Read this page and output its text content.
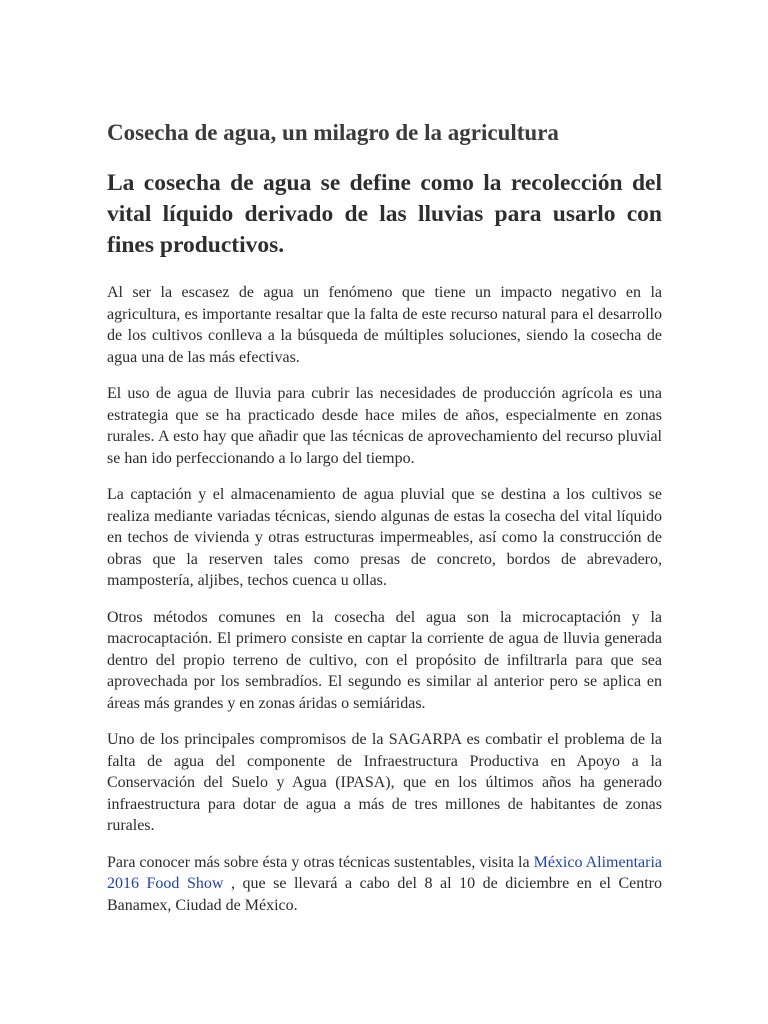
Cosecha de agua, un milagro de la agricultura
La cosecha de agua se define como la recolección del vital líquido derivado de las lluvias para usarlo con fines productivos.

Al ser la escasez de agua un fenómeno que tiene un impacto negativo en la agricultura, es importante resaltar que la falta de este recurso natural para el desarrollo de los cultivos conlleva a la búsqueda de múltiples soluciones, siendo la cosecha de agua una de las más efectivas.

El uso de agua de lluvia para cubrir las necesidades de producción agrícola es una estrategia que se ha practicado desde hace miles de años, especialmente en zonas rurales. A esto hay que añadir que las técnicas de aprovechamiento del recurso pluvial se han ido perfeccionando a lo largo del tiempo.

La captación y el almacenamiento de agua pluvial que se destina a los cultivos se realiza mediante variadas técnicas, siendo algunas de estas la cosecha del vital líquido en techos de vivienda y otras estructuras impermeables, así como la construcción de obras que la reserven tales como presas de concreto, bordos de abrevadero, mampostería, aljibes, techos cuenca u ollas.

Otros métodos comunes en la cosecha del agua son la microcaptación y la macrocaptación. El primero consiste en captar la corriente de agua de lluvia generada dentro del propio terreno de cultivo, con el propósito de infiltrarla para que sea aprovechada por los sembradíos. El segundo es similar al anterior pero se aplica en áreas más grandes y en zonas áridas o semiáridas.

Uno de los principales compromisos de la SAGARPA es combatir el problema de la falta de agua del componente de Infraestructura Productiva en Apoyo a la Conservación del Suelo y Agua (IPASA), que en los últimos años ha generado infraestructura para dotar de agua a más de tres millones de habitantes de zonas rurales.

Para conocer más sobre ésta y otras técnicas sustentables, visita la México Alimentaria 2016 Food Show , que se llevará a cabo del 8 al 10 de diciembre en el Centro Banamex, Ciudad de México.
